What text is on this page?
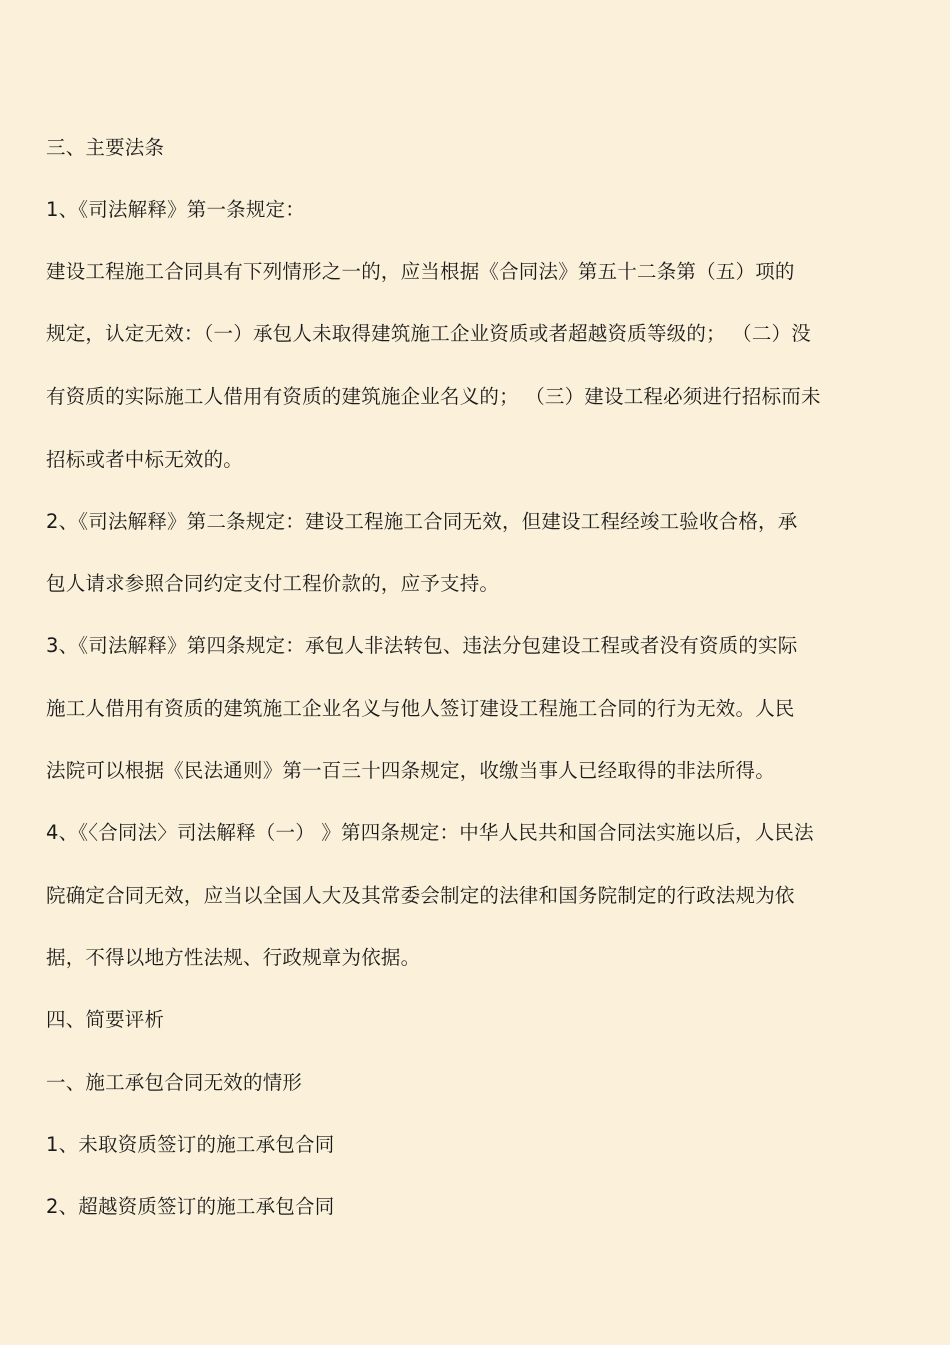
三、主要法条
1、《司法解释》第一条规定：
建设工程施工合同具有下列情形之一的，应当根据《合同法》第五十二条第（五）项的
规定，认定无效：（一）承包人未取得建筑施工企业资质或者超越资质等级的； （二）没
有资质的实际施工人借用有资质的建筑施企业名义的； （三）建设工程必须进行招标而未
招标或者中标无效的。
2、《司法解释》第二条规定：建设工程施工合同无效，但建设工程经竣工验收合格，承
包人请求参照合同约定支付工程价款的，应予支持。
3、《司法解释》第四条规定：承包人非法转包、违法分包建设工程或者没有资质的实际
施工人借用有资质的建筑施工企业名义与他人签订建设工程施工合同的行为无效。人民
法院可以根据《民法通则》第一百三十四条规定，收缴当事人已经取得的非法所得。
4、《〈合同法〉司法解释（一） 》第四条规定：中华人民共和国合同法实施以后，人民法
院确定合同无效，应当以全国人大及其常委会制定的法律和国务院制定的行政法规为依
据，不得以地方性法规、行政规章为依据。
四、简要评析
一、施工承包合同无效的情形
1、未取资质签订的施工承包合同
2、超越资质签订的施工承包合同
